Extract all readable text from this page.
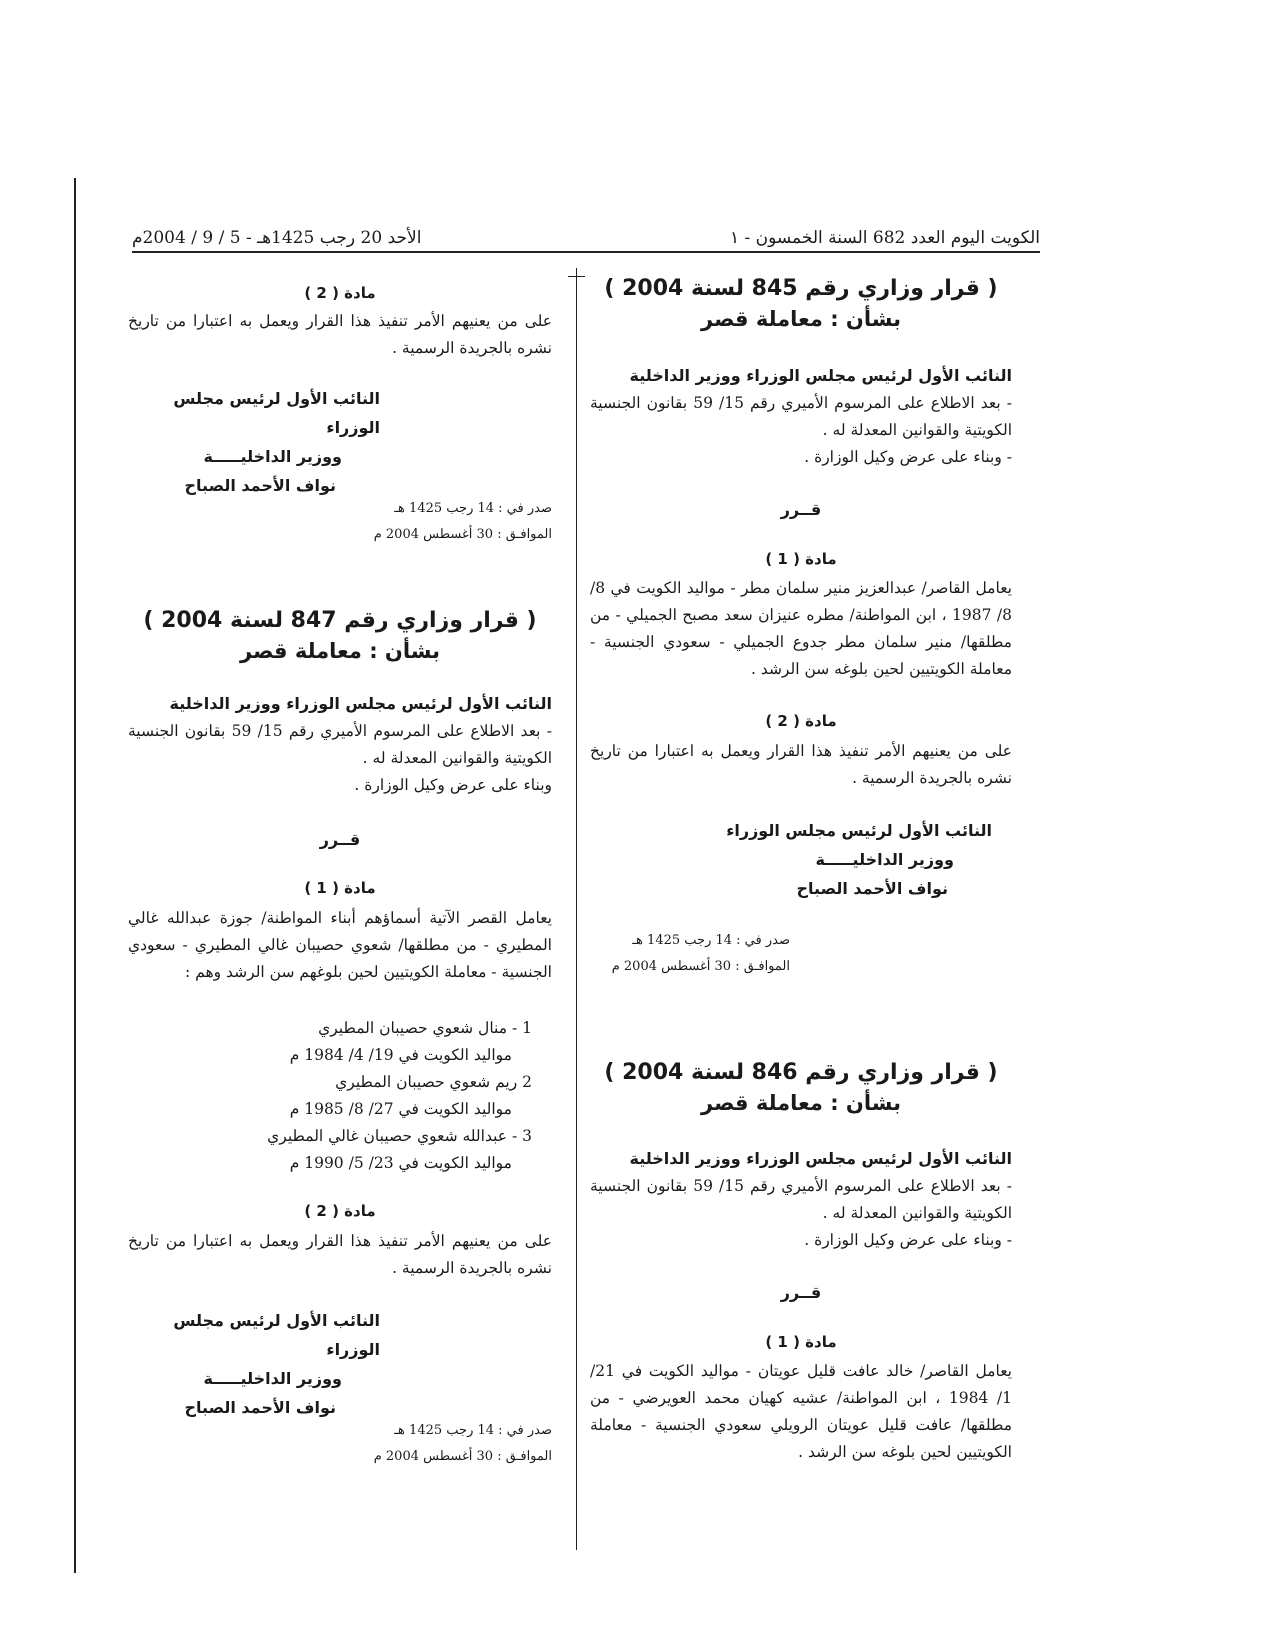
الكويت اليوم العدد 682 السنة الخمسون - ١
الأحد 20 رجب 1425هـ - 5 / 9 / 2004م
( قرار وزاري رقم 845 لسنة 2004 )
بشأن : معاملة قصر
النائب الأول لرئيس مجلس الوزراء ووزير الداخلية

- بعد الاطلاع على المرسوم الأميري رقم 15/ 59 بقانون الجنسية الكويتية والقوانين المعدلة له .

- وبناء على عرض وكيل الوزارة .

قــرر
مادة ( 1 )
يعامل القاصر/ عبدالعزيز منير سلمان مطر - مواليد الكويت في 8/ 8/ 1987 ، ابن المواطنة/ مطره عنيزان سعد مصبح الجميلي - من مطلقها/ منير سلمان مطر جدوع الجميلي - سعودي الجنسية - معاملة الكويتيين لحين بلوغه سن الرشد .
مادة ( 2 )
على من يعنيهم الأمر تنفيذ هذا القرار ويعمل به اعتبارا من تاريخ نشره بالجريدة الرسمية .

النائب الأول لرئيس مجلس الوزراء

ووزير الداخليـــــة

نواف الأحمد الصباح

صدر في : 14 رجب 1425 هـ

الموافـق : 30 أغسطس 2004 م

( قرار وزاري رقم 846 لسنة 2004 )
بشأن : معاملة قصر
النائب الأول لرئيس مجلس الوزراء ووزير الداخلية

- بعد الاطلاع على المرسوم الأميري رقم 15/ 59 بقانون الجنسية الكويتية والقوانين المعدلة له .

- وبناء على عرض وكيل الوزارة .

قــرر
مادة ( 1 )
يعامل القاصر/ خالد عافت قليل عويتان - مواليد الكويت في 21/ 1/ 1984 ، ابن المواطنة/ عشيه كهيان محمد العويرضي - من مطلقها/ عافت قليل عويتان الرويلي سعودي الجنسية - معاملة الكويتيين لحين بلوغه سن الرشد .
مادة ( 2 )
على من يعنيهم الأمر تنفيذ هذا القرار ويعمل به اعتبارا من تاريخ نشره بالجريدة الرسمية .

النائب الأول لرئيس مجلس الوزراء

ووزير الداخليـــــة

نواف الأحمد الصباح

صدر في : 14 رجب 1425 هـ

الموافـق : 30 أغسطس 2004 م

( قرار وزاري رقم 847 لسنة 2004 )
بشأن : معاملة قصر
النائب الأول لرئيس مجلس الوزراء ووزير الداخلية

- بعد الاطلاع على المرسوم الأميري رقم 15/ 59 بقانون الجنسية الكويتية والقوانين المعدلة له .

وبناء على عرض وكيل الوزارة .

قــرر
مادة ( 1 )
يعامل القصر الآتية أسماؤهم أبناء المواطنة/ جوزة عبدالله غالي المطيري - من مطلقها/ شعوي حصيبان غالي المطيري - سعودي الجنسية - معاملة الكويتيين لحين بلوغهم سن الرشد وهم :

1 - منال شعوي حصيبان المطيري

مواليد الكويت في 19/ 4/ 1984 م

2 ريم شعوي حصيبان المطيري

مواليد الكويت في 27/ 8/ 1985 م

3 - عبدالله شعوي حصيبان غالي المطيري

مواليد الكويت في 23/ 5/ 1990 م

مادة ( 2 )
على من يعنيهم الأمر تنفيذ هذا القرار ويعمل به اعتبارا من تاريخ نشره بالجريدة الرسمية .

النائب الأول لرئيس مجلس الوزراء

ووزير الداخليـــــة

نواف الأحمد الصباح

صدر في : 14 رجب 1425 هـ

الموافـق : 30 أغسطس 2004 م
